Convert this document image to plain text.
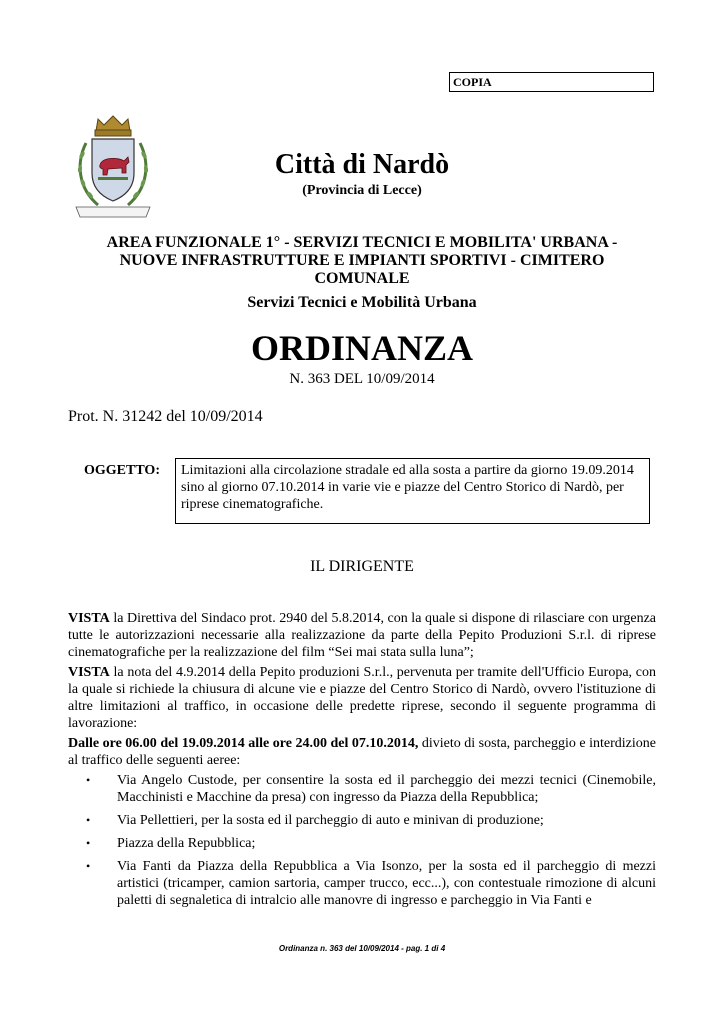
COPIA
Città di Nardò
(Provincia di Lecce)
AREA FUNZIONALE 1° - SERVIZI TECNICI E MOBILITA' URBANA -
NUOVE INFRASTRUTTURE E IMPIANTI SPORTIVI - CIMITERO
COMUNALE
Servizi Tecnici e Mobilità Urbana
ORDINANZA
N. 363 DEL 10/09/2014
Prot. N. 31242 del 10/09/2014
OGGETTO:	Limitazioni alla circolazione stradale ed alla sosta a partire da giorno 19.09.2014 sino al giorno 07.10.2014 in varie vie e piazze del Centro Storico di Nardò, per riprese cinematografiche.
IL DIRIGENTE

VISTA la Direttiva del Sindaco prot. 2940 del 5.8.2014, con la quale si dispone di rilasciare con urgenza tutte le autorizzazioni necessarie alla realizzazione da parte della Pepito Produzioni S.r.l. di riprese cinematografiche per la realizzazione del film “Sei mai stata sulla luna”;

VISTA la nota del 4.9.2014 della Pepito produzioni S.r.l., pervenuta per tramite dell'Ufficio Europa, con la quale si richiede la chiusura di alcune vie e piazze del Centro Storico di Nardò, ovvero l'istituzione di altre limitazioni al traffico, in occasione delle predette riprese, secondo il seguente programma di lavorazione:

Dalle ore 06.00 del 19.09.2014 alle ore 24.00 del 07.10.2014, divieto di sosta, parcheggio e interdizione al traffico delle seguenti aeree:

• Via Angelo Custode, per consentire la sosta ed il parcheggio dei mezzi tecnici (Cinemobile, Macchinisti e Macchine da presa) con ingresso da Piazza della Repubblica;
• Via Pellettieri, per la sosta ed il parcheggio di auto e minivan di produzione;
• Piazza della Repubblica;
• Via Fanti da Piazza della Repubblica a Via Isonzo, per la sosta ed il parcheggio di mezzi artistici (tricamper, camion sartoria, camper trucco, ecc...), con contestuale rimozione di alcuni paletti di segnaletica di intralcio alle manovre di ingresso e parcheggio in Via Fanti e
Ordinanza n. 363 del 10/09/2014 - pag. 1 di 4
